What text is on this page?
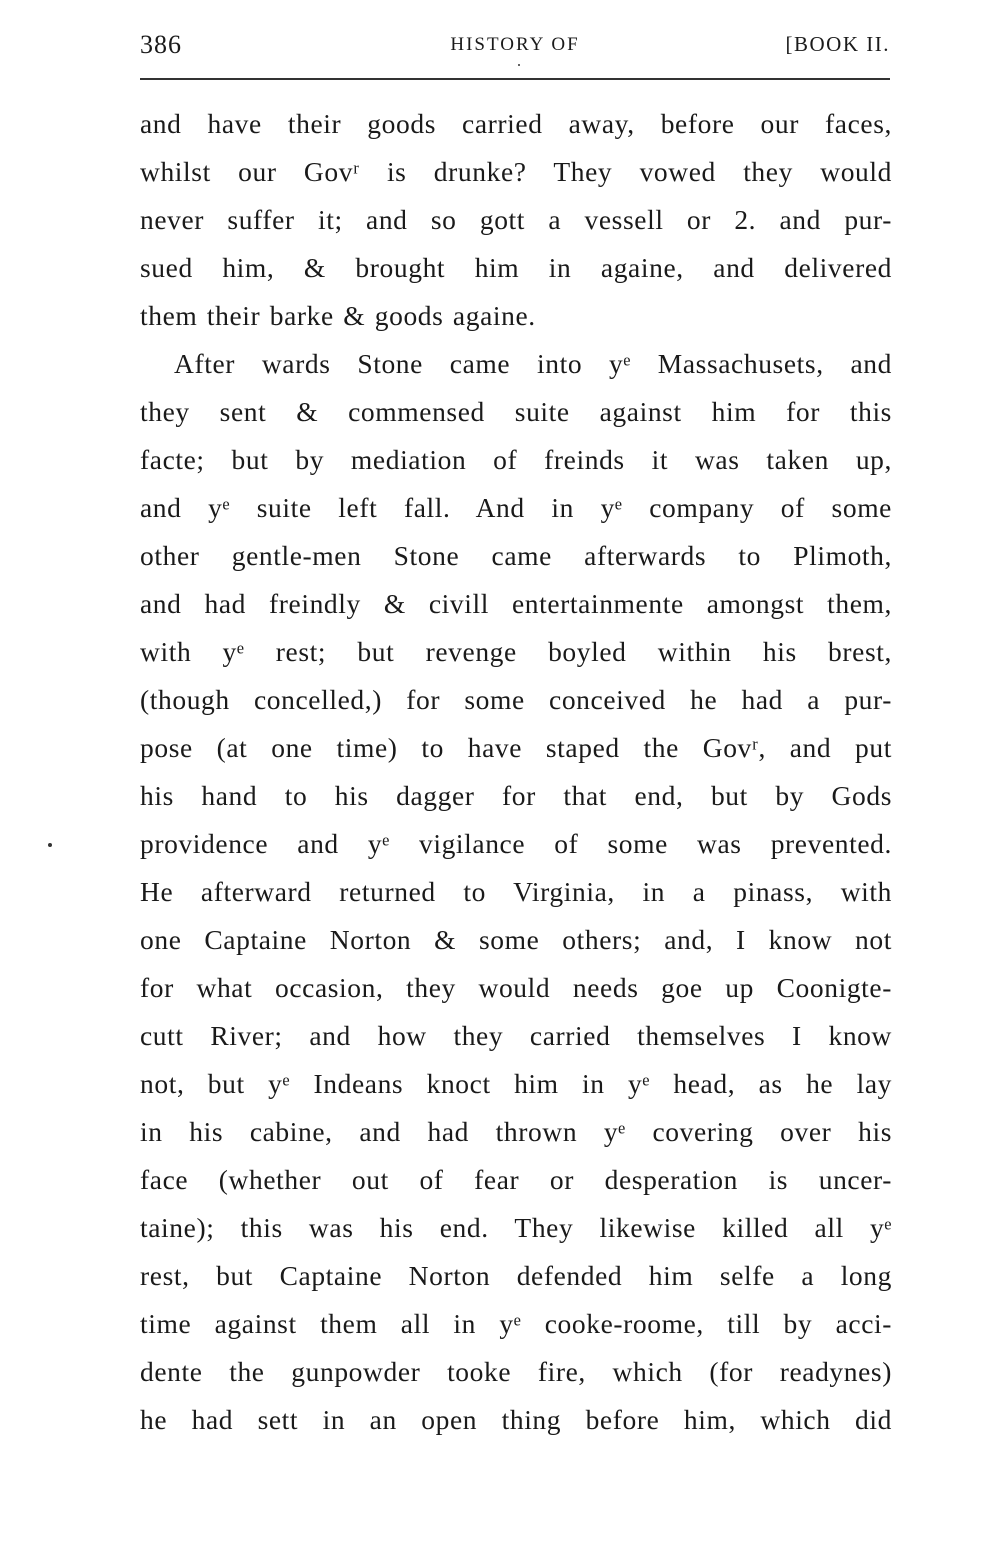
386	HISTORY OF	[BOOK II.
and have their goods carried away, before our faces,
whilst our Govʳ is drunke? They vowed they would
never suffer it; and so gott a vessell or 2. and pur-
sued him, & brought him in againe, and delivered
them their barke & goods againe.
After wards Stone came into yᵉ Massachusets, and
they sent & commensed suite against him for this
facte; but by mediation of freinds it was taken up,
and yᵉ suite left fall. And in yᵉ company of some
other gentle-men Stone came afterwards to Plimoth,
and had freindly & civill entertainmente amongst them,
with yᵉ rest; but revenge boyled within his brest,
(though concelled,) for some conceived he had a pur-
pose (at one time) to have staped the Govʳ, and put
his hand to his dagger for that end, but by Gods
providence and yᵉ vigilance of some was prevented.
He afterward returned to Virginia, in a pinass, with
one Captaine Norton & some others; and, I know not
for what occasion, they would needs goe up Coonigte-
cutt River; and how they carried themselves I know
not, but yᵉ Indeans knoct him in yᵉ head, as he lay
in his cabine, and had thrown yᵉ covering over his
face (whether out of fear or desperation is uncer-
taine); this was his end. They likewise killed all yᵉ
rest, but Captaine Norton defended him selfe a long
time against them all in yᵉ cooke-roome, till by acci-
dente the gunpowder tooke fire, which (for readynes)
he had sett in an open thing before him, which did
